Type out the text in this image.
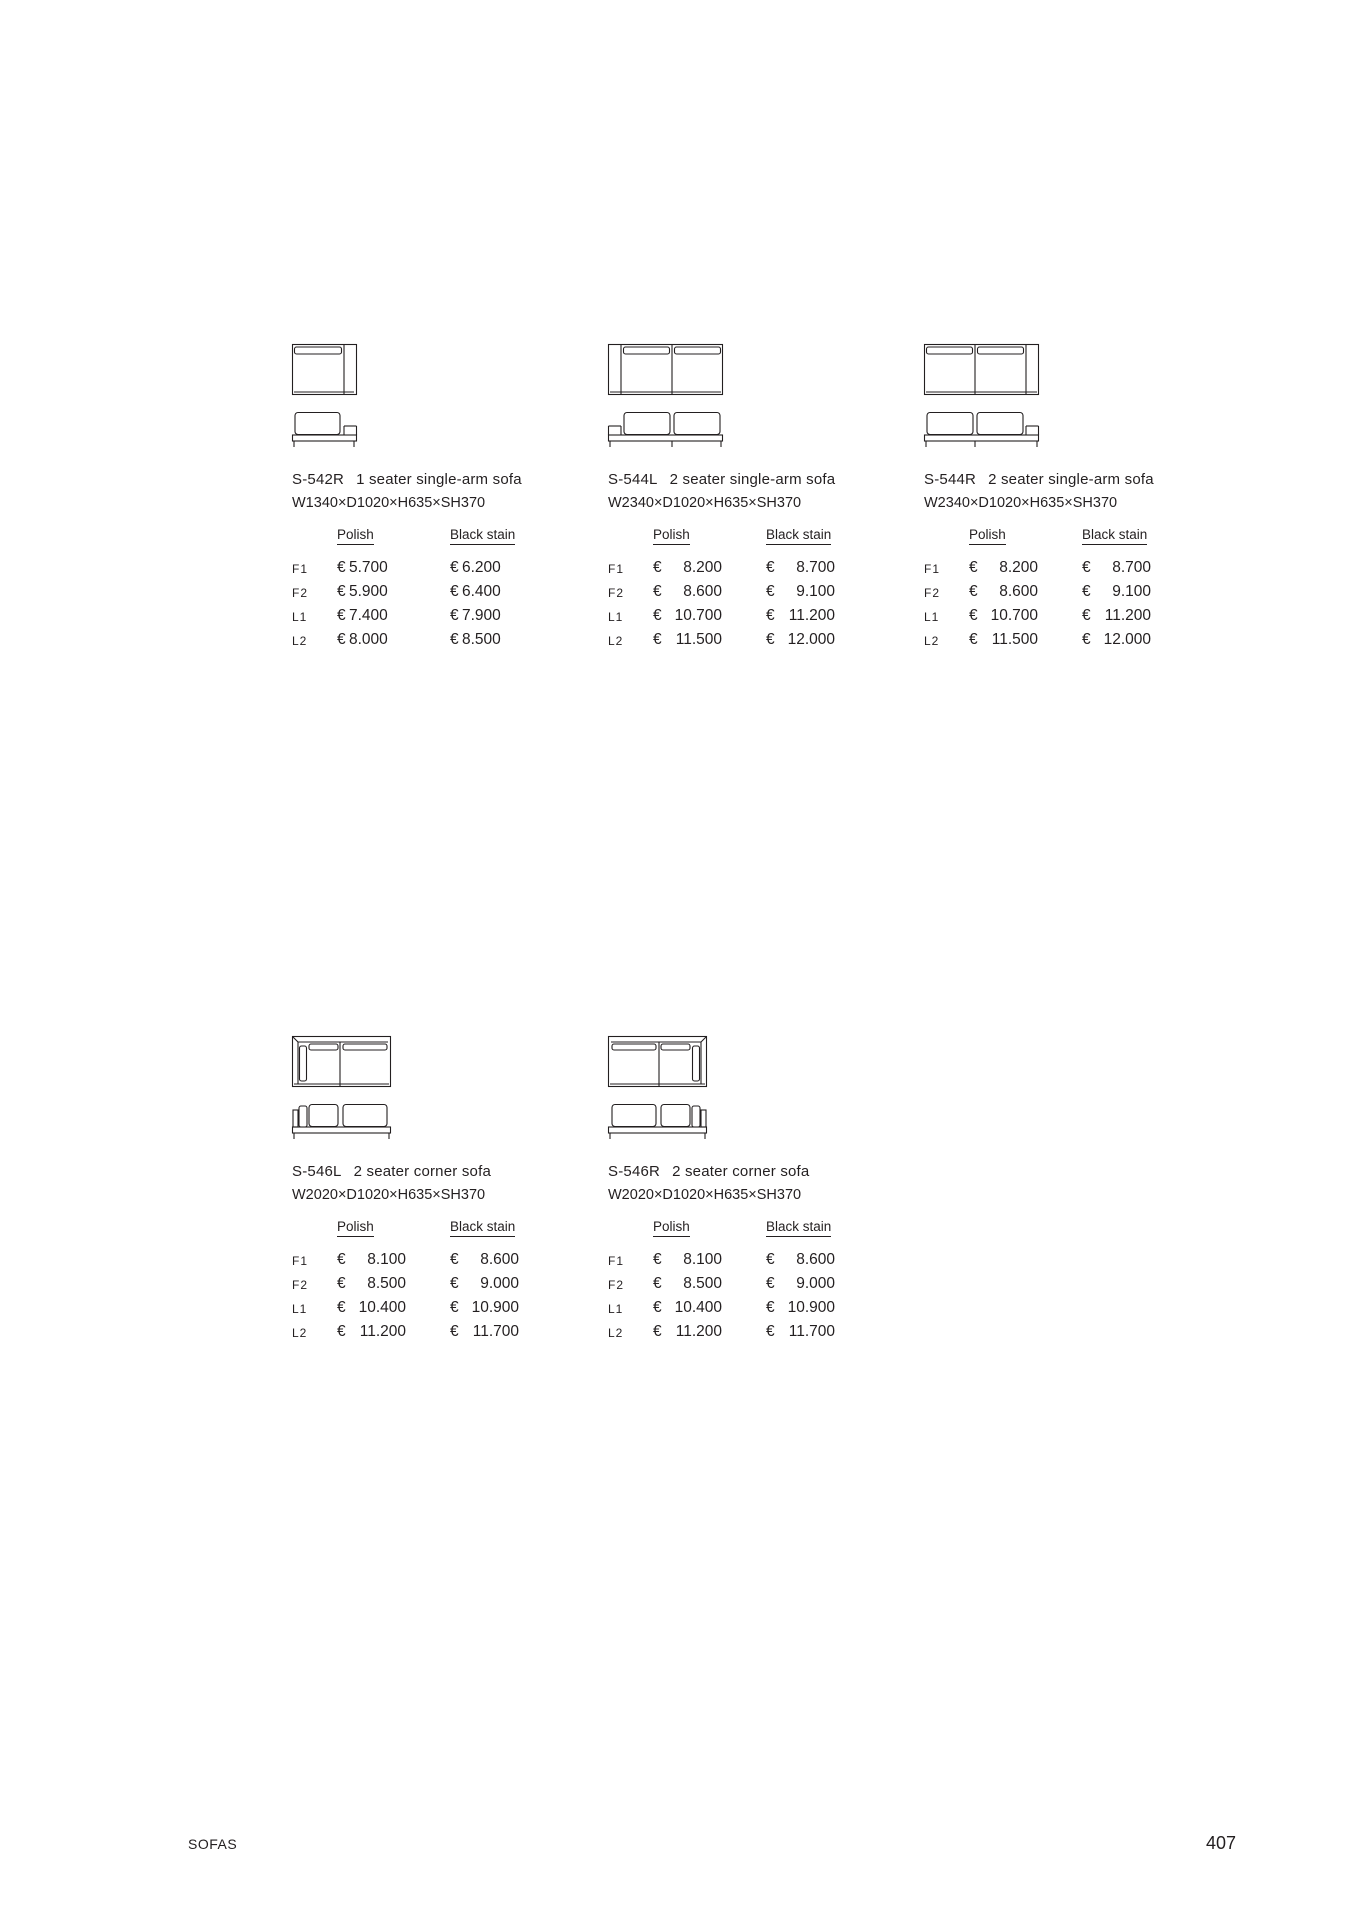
S-542R 1 seater single-arm sofa
W1340×D1020×H635×SH370
Polish	Black stain
F1 € 5.700	€ 6.200
F2 € 5.900	€ 6.400
L1 € 7.400	€ 7.900
L2 € 8.000	€ 8.500
S-544L 2 seater single-arm sofa
W2340×D1020×H635×SH370
Polish	Black stain
F1 € 8.200	€ 8.700
F2 € 8.600	€ 9.100
L1 € 10.700	€ 11.200
L2 € 11.500	€ 12.000
S-544R 2 seater single-arm sofa
W2340×D1020×H635×SH370
Polish	Black stain
F1 € 8.200	€ 8.700
F2 € 8.600	€ 9.100
L1 € 10.700	€ 11.200
L2 € 11.500	€ 12.000
S-546L 2 seater corner sofa
W2020×D1020×H635×SH370
Polish	Black stain
F1 € 8.100	€ 8.600
F2 € 8.500	€ 9.000
L1 € 10.400	€ 10.900
L2 € 11.200	€ 11.700
S-546R 2 seater corner sofa
W2020×D1020×H635×SH370
Polish	Black stain
F1 € 8.100	€ 8.600
F2 € 8.500	€ 9.000
L1 € 10.400	€ 10.900
L2 € 11.200	€ 11.700
SOFAS	407
